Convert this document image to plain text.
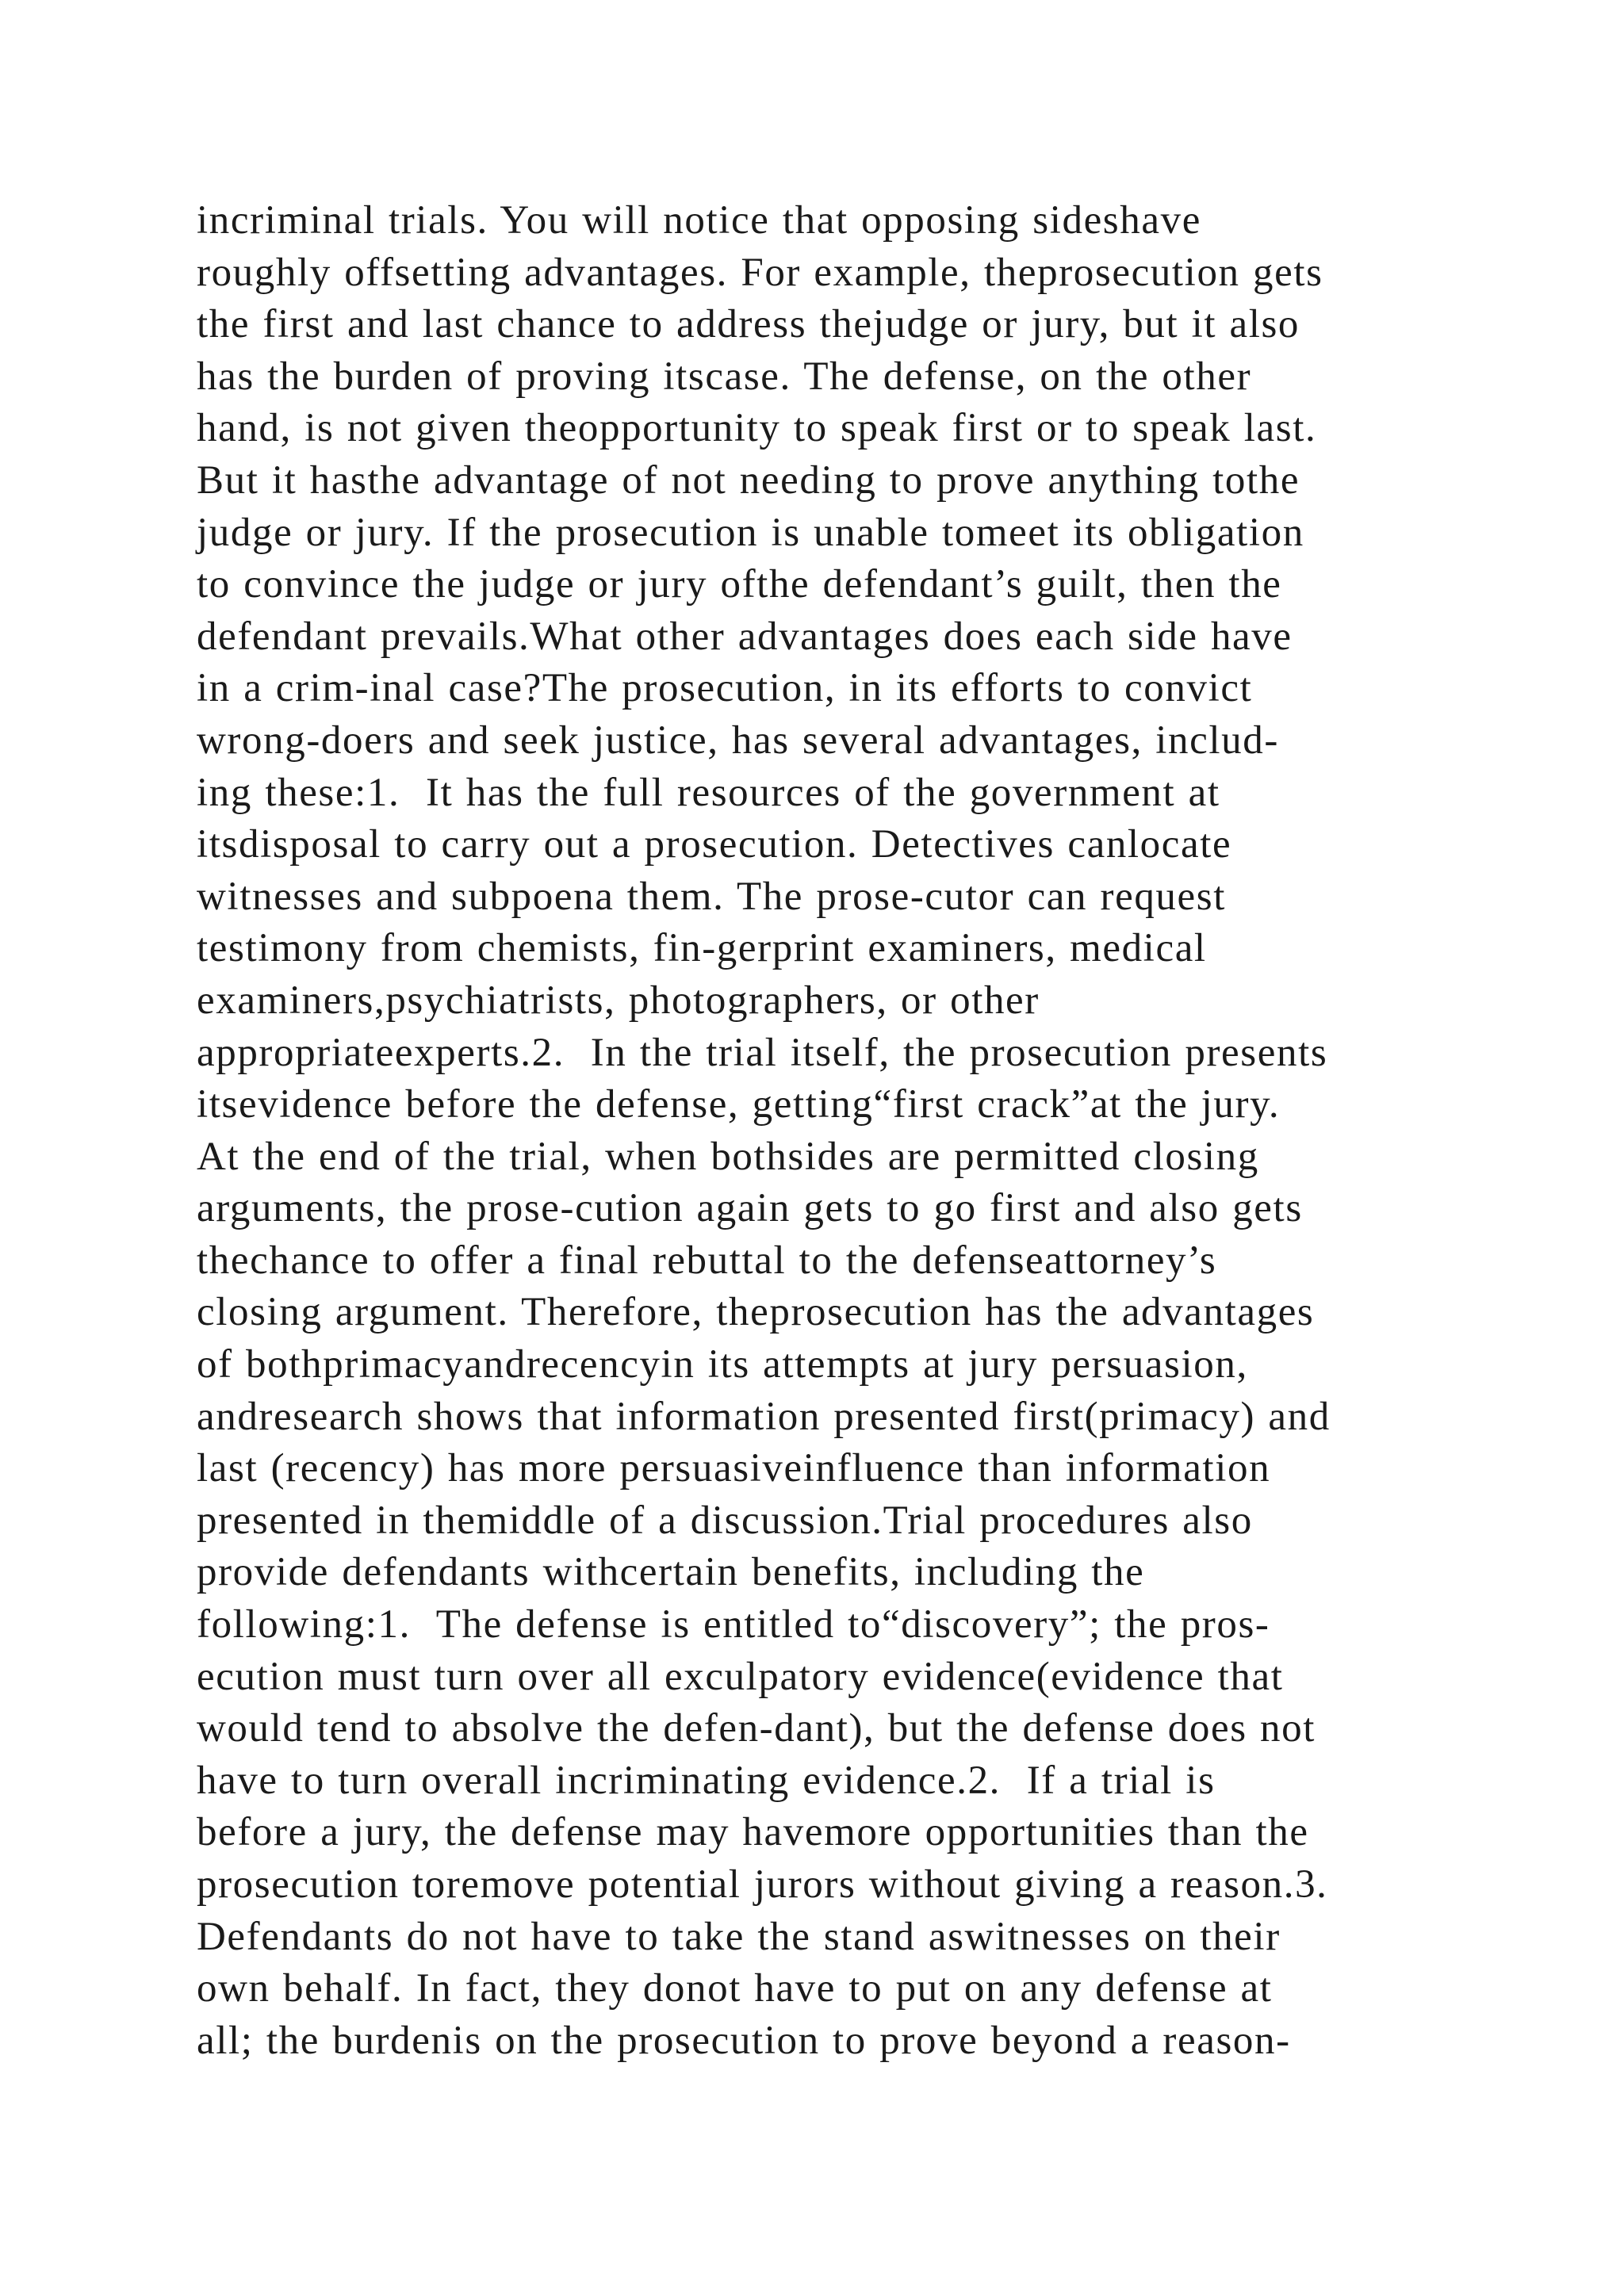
incriminal trials. You will notice that opposing sideshave
roughly offsetting advantages. For example, theprosecution gets
the first and last chance to address thejudge or jury, but it also
has the burden of proving itscase. The defense, on the other
hand, is not given theopportunity to speak first or to speak last.
But it hasthe advantage of not needing to prove anything tothe
judge or jury. If the prosecution is unable tomeet its obligation
to convince the judge or jury ofthe defendant’s guilt, then the
defendant prevails.What other advantages does each side have
in a crim-inal case?The prosecution, in its efforts to convict
wrong-doers and seek justice, has several advantages, includ-
ing these:1.  It has the full resources of the government at
itsdisposal to carry out a prosecution. Detectives canlocate
witnesses and subpoena them. The prose-cutor can request
testimony from chemists, fin-gerprint examiners, medical
examiners,psychiatrists, photographers, or other
appropriateexperts.2.  In the trial itself, the prosecution presents
itsevidence before the defense, getting“first crack”at the jury.
At the end of the trial, when bothsides are permitted closing
arguments, the prose-cution again gets to go first and also gets
thechance to offer a final rebuttal to the defenseattorney’s
closing argument. Therefore, theprosecution has the advantages
of bothprimacyandrecencyin its attempts at jury persuasion,
andresearch shows that information presented first(primacy) and
last (recency) has more persuasiveinfluence than information
presented in themiddle of a discussion.Trial procedures also
provide defendants withcertain benefits, including the
following:1.  The defense is entitled to“discovery”; the pros-
ecution must turn over all exculpatory evidence(evidence that
would tend to absolve the defen-dant), but the defense does not
have to turn overall incriminating evidence.2.  If a trial is
before a jury, the defense may havemore opportunities than the
prosecution toremove potential jurors without giving a reason.3.
Defendants do not have to take the stand aswitnesses on their
own behalf. In fact, they donot have to put on any defense at
all; the burdenis on the prosecution to prove beyond a reason-
